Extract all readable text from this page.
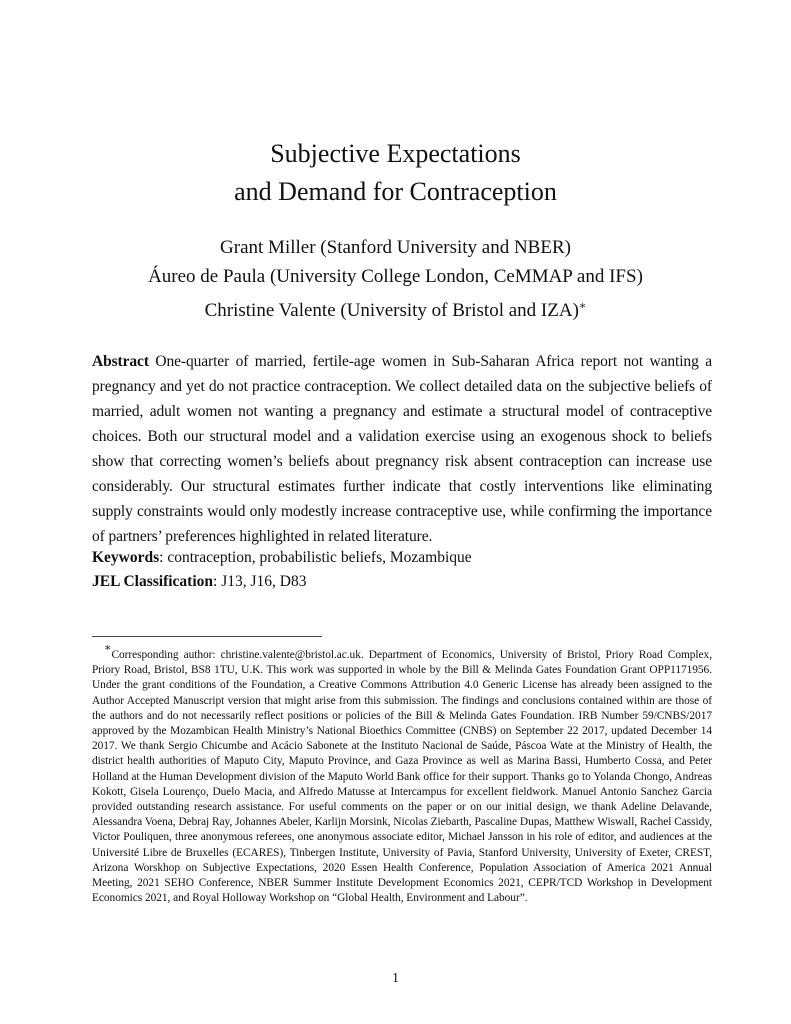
Subjective Expectations
and Demand for Contraception
Grant Miller (Stanford University and NBER)
Áureo de Paula (University College London, CeMMAP and IFS)
Christine Valente (University of Bristol and IZA)∗
Abstract One-quarter of married, fertile-age women in Sub-Saharan Africa report not wanting a pregnancy and yet do not practice contraception. We collect detailed data on the subjective beliefs of married, adult women not wanting a pregnancy and estimate a structural model of contraceptive choices. Both our structural model and a validation exercise using an exogenous shock to beliefs show that correcting women’s beliefs about pregnancy risk absent contraception can increase use considerably. Our structural estimates further indicate that costly interventions like eliminating supply constraints would only modestly increase contraceptive use, while confirming the importance of partners’ preferences highlighted in related literature.
Keywords: contraception, probabilistic beliefs, Mozambique
JEL Classification: J13, J16, D83
∗Corresponding author: christine.valente@bristol.ac.uk. Department of Economics, University of Bristol, Priory Road Complex, Priory Road, Bristol, BS8 1TU, U.K. This work was supported in whole by the Bill & Melinda Gates Foundation Grant OPP1171956. Under the grant conditions of the Foundation, a Creative Commons Attribution 4.0 Generic License has already been assigned to the Author Accepted Manuscript version that might arise from this submission. The findings and conclusions contained within are those of the authors and do not necessarily reflect positions or policies of the Bill & Melinda Gates Foundation. IRB Number 59/CNBS/2017 approved by the Mozambican Health Ministry’s National Bioethics Committee (CNBS) on September 22 2017, updated December 14 2017. We thank Sergio Chicumbe and Acácio Sabonete at the Instituto Nacional de Saúde, Páscoa Wate at the Ministry of Health, the district health authorities of Maputo City, Maputo Province, and Gaza Province as well as Marina Bassi, Humberto Cossa, and Peter Holland at the Human Development division of the Maputo World Bank office for their support. Thanks go to Yolanda Chongo, Andreas Kokott, Gisela Lourenço, Duelo Macia, and Alfredo Matusse at Intercampus for excellent fieldwork. Manuel Antonio Sanchez Garcia provided outstanding research assistance. For useful comments on the paper or on our initial design, we thank Adeline Delavande, Alessandra Voena, Debraj Ray, Johannes Abeler, Karlijn Morsink, Nicolas Ziebarth, Pascaline Dupas, Matthew Wiswall, Rachel Cassidy, Victor Pouliquen, three anonymous referees, one anonymous associate editor, Michael Jansson in his role of editor, and audiences at the Université Libre de Bruxelles (ECARES), Tinbergen Institute, University of Pavia, Stanford University, University of Exeter, CREST, Arizona Worskhop on Subjective Expectations, 2020 Essen Health Conference, Population Association of America 2021 Annual Meeting, 2021 SEHO Conference, NBER Summer Institute Development Economics 2021, CEPR/TCD Workshop in Development Economics 2021, and Royal Holloway Workshop on “Global Health, Environment and Labour”.
1
